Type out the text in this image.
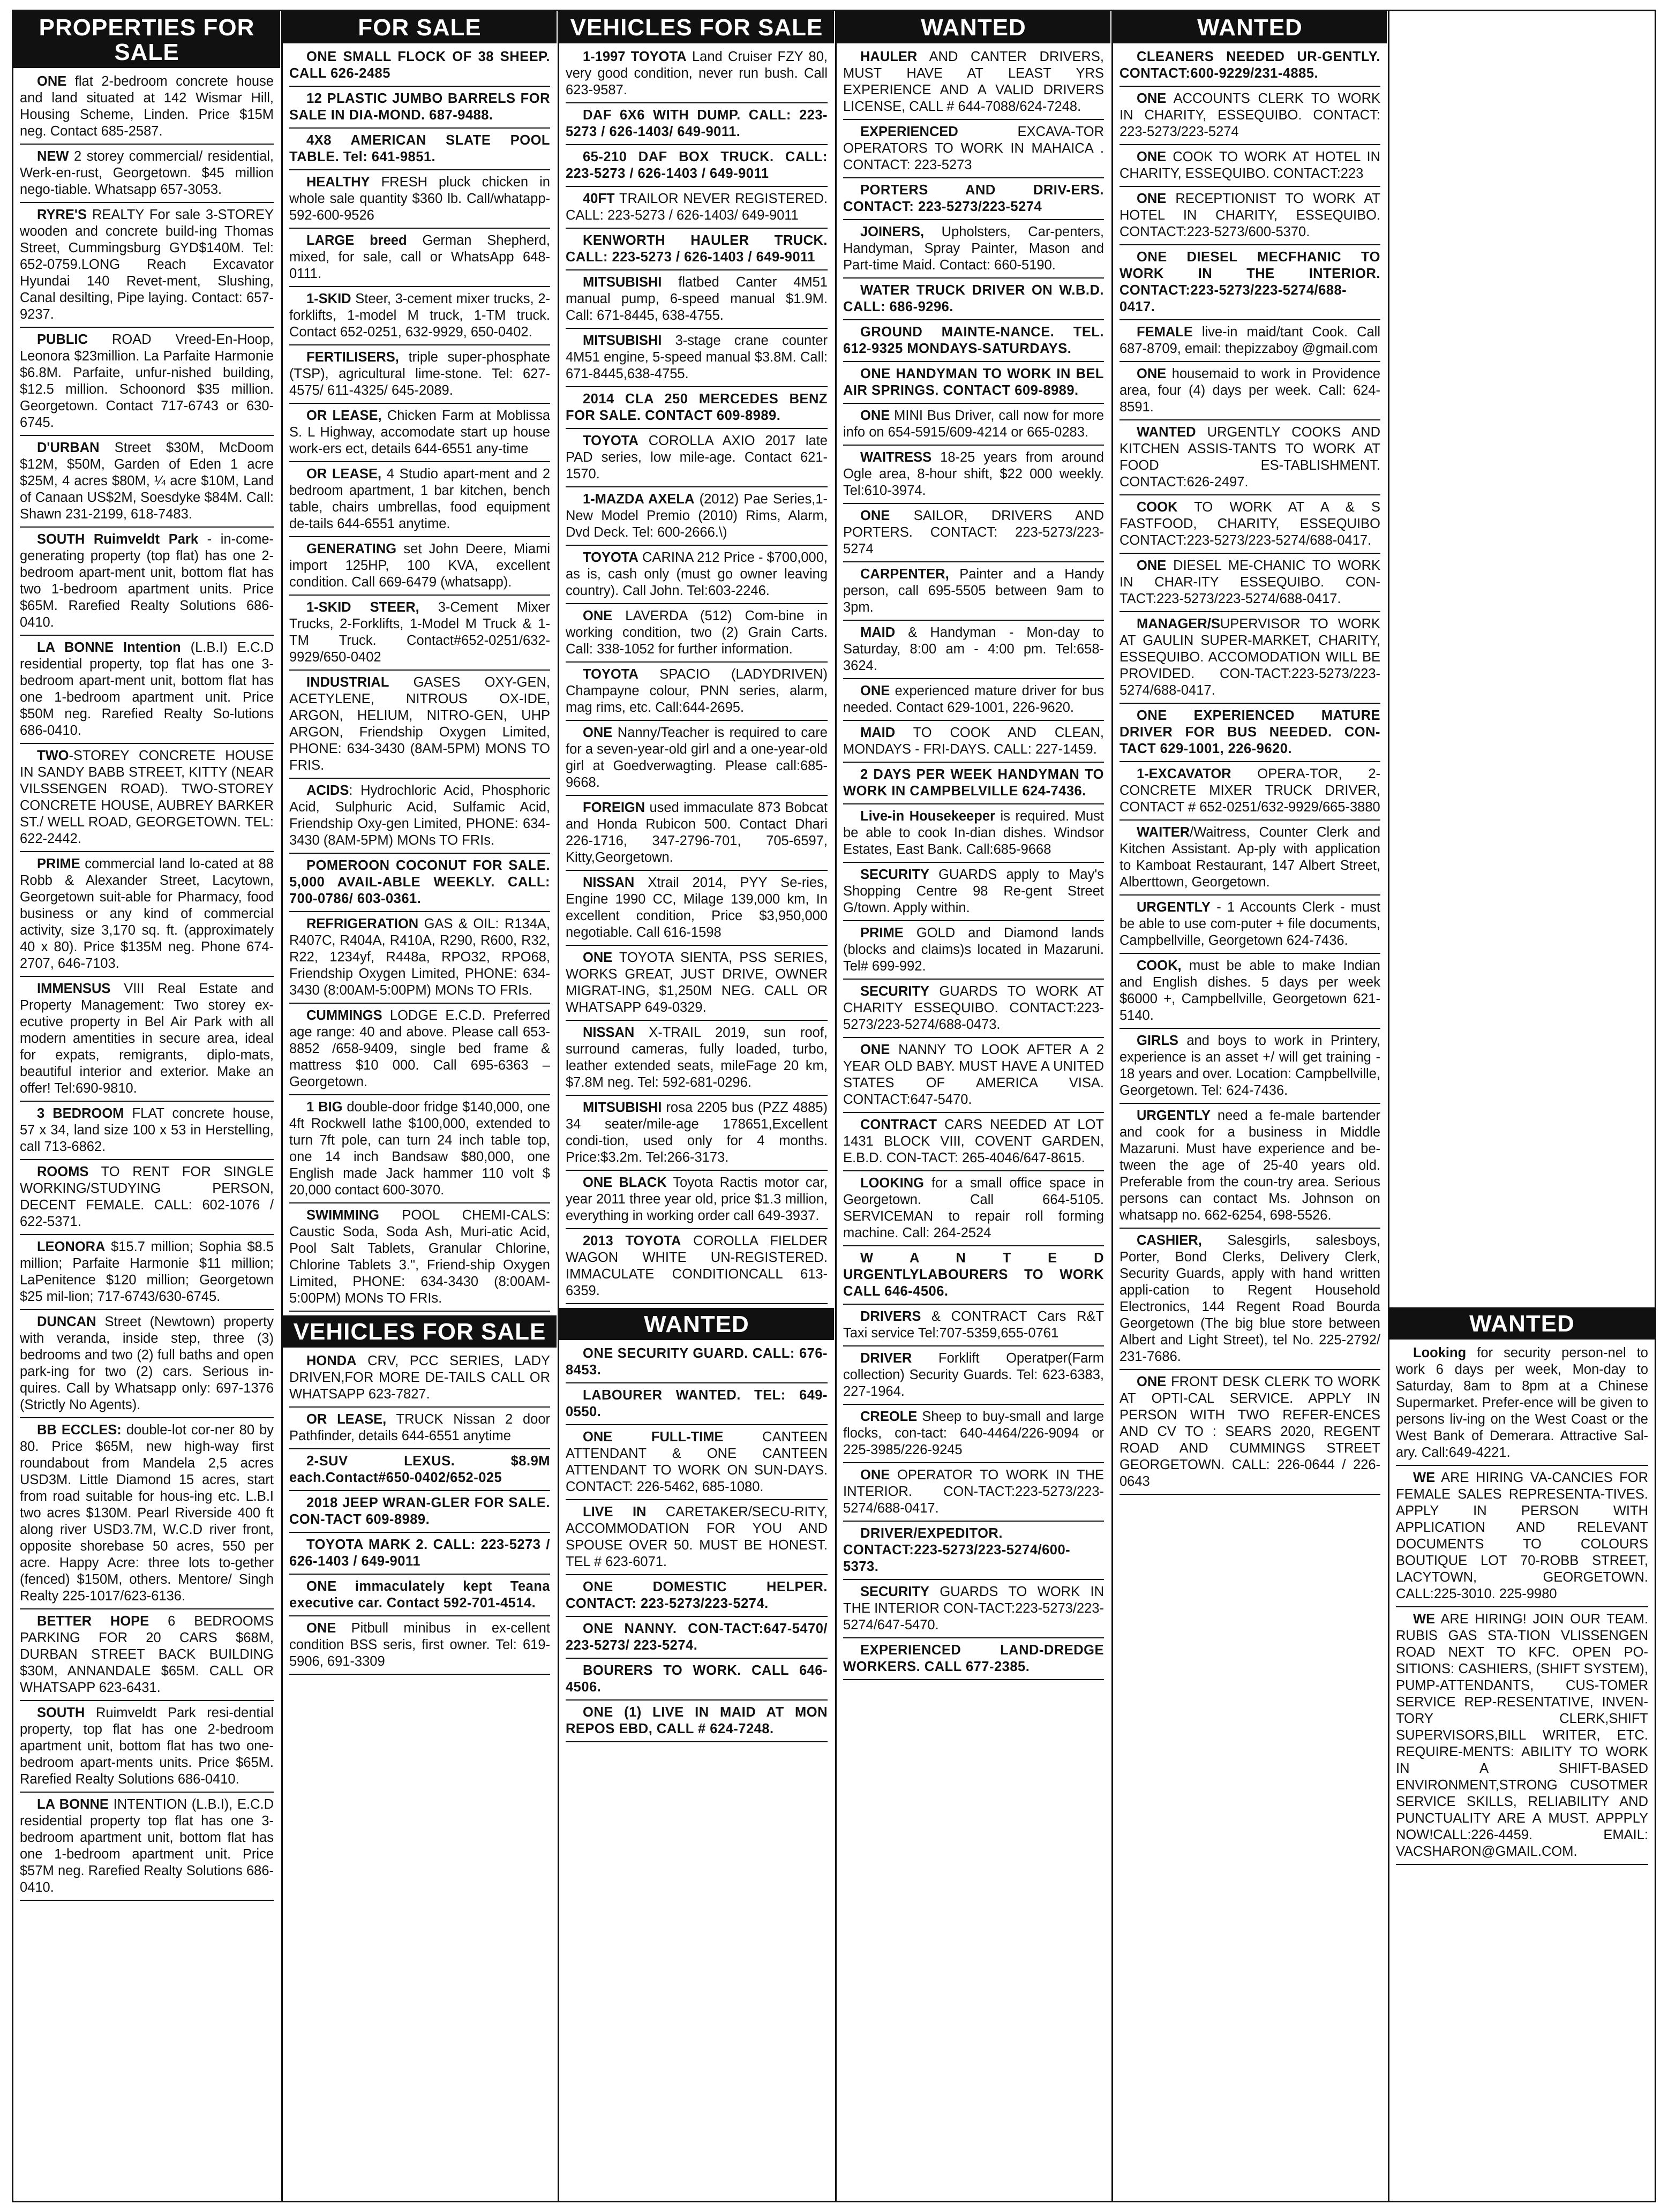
PROPERTIES FOR SALE
ONE flat 2-bedroom concrete house and land situated at 142 Wismar Hill, Housing Scheme, Linden. Price $15M neg. Contact 685-2587.
NEW 2 storey commercial/ residential, Werk-en-rust, Georgetown. $45 million nego-tiable. Whatsapp 657-3053.
RYRE'S REALTY For sale 3-STOREY wooden and concrete build-ing Thomas Street, Cummingsburg GYD$140M. Tel: 652-0759.LONG Reach Excavator Hyundai 140 Revet-ment, Slushing, Canal desilting, Pipe laying. Contact: 657-9237.
PUBLIC ROAD Vreed-En-Hoop, Leonora $23million. La Parfaite Harmonie $6.8M. Parfaite, unfur-nished building, $12.5 million. Schoonord $35 million. Georgetown. Contact 717-6743 or 630-6745.
D'URBAN Street $30M, McDoom $12M, $50M, Garden of Eden 1 acre $25M, 4 acres $80M, ¼ acre $10M, Land of Canaan US$2M, Soesdyke $84M. Call: Shawn 231-2199, 618-7483.
SOUTH Ruimveldt Park - in-come-generating property (top flat) has one 2-bedroom apart-ment unit, bottom flat has two 1-bedroom apartment units. Price $65M. Rarefied Realty Solutions 686-0410.
LA BONNE Intention (L.B.I) E.C.D residential property, top flat has one 3-bedroom apart-ment unit, bottom flat has one 1-bedroom apartment unit. Price $50M neg. Rarefied Realty So-lutions 686-0410.
TWO-STOREY CONCRETE HOUSE IN SANDY BABB STREET, KITTY (NEAR VILSSENGEN ROAD). TWO-STOREY CONCRETE HOUSE, AUBREY BARKER ST./ WELL ROAD, GEORGETOWN. TEL: 622-2442.
PRIME commercial land lo-cated at 88 Robb & Alexander Street, Lacytown, Georgetown suit-able for Pharmacy, food business or any kind of commercial activity, size 3,170 sq. ft. (approximately 40 x 80). Price $135M neg. Phone 674-2707, 646-7103.
IMMENSUS VIII Real Estate and Property Management: Two storey ex-ecutive property in Bel Air Park with all modern amentities in secure area, ideal for expats, remigrants, diplo-mats, beautiful interior and exterior. Make an offer! Tel:690-9810.
3 BEDROOM FLAT concrete house, 57 x 34, land size 100 x 53 in Herstelling, call 713-6862.
ROOMS TO RENT FOR SINGLE WORKING/STUDYING PERSON, DECENT FEMALE. CALL: 602-1076 / 622-5371.
LEONORA $15.7 million; Sophia $8.5 million; Parfaite Harmonie $11 million; LaPenitence $120 million; Georgetown $25 mil-lion; 717-6743/630-6745.
DUNCAN Street (Newtown) property with veranda, inside step, three (3) bedrooms and two (2) full baths and open park-ing for two (2) cars. Serious in-quires. Call by Whatsapp only: 697-1376 (Strictly No Agents).
BB ECCLES: double-lot cor-ner 80 by 80. Price $65M, new high-way first roundabout from Mandela 2,5 acres USD3M. Little Diamond 15 acres, start from road suitable for hous-ing etc. L.B.I two acres $130M. Pearl Riverside 400 ft along river USD3.7M, W.C.D river front, opposite shorebase 50 acres, 550 per acre. Happy Acre: three lots to-gether (fenced) $150M, others. Mentore/ Singh Realty 225-1017/623-6136.
BETTER HOPE 6 BEDROOMS PARKING FOR 20 CARS $68M, DURBAN STREET BACK BUILDING $30M, ANNANDALE $65M. CALL OR WHATSAPP 623-6431.
SOUTH Ruimveldt Park resi-dential property, top flat has one 2-bedroom apartment unit, bottom flat has two one-bedroom apart-ments units. Price $65M. Rarefied Realty Solutions 686-0410.
LA BONNE INTENTION (L.B.I), E.C.D residential property top flat has one 3-bedroom apartment unit, bottom flat has one 1-bedroom apartment unit. Price $57M neg. Rarefied Realty Solutions 686-0410.
FOR SALE
ONE SMALL FLOCK OF 38 SHEEP. CALL 626-2485
12 PLASTIC JUMBO BARRELS FOR SALE IN DIA-MOND. 687-9488.
4X8 AMERICAN SLATE POOL TABLE. Tel: 641-9851.
HEALTHY FRESH pluck chicken in whole sale quantity $360 lb. Call/whatapp- 592-600-9526
LARGE breed German Shepherd, mixed, for sale, call or WhatsApp 648-0111.
1-SKID Steer, 3-cement mixer trucks, 2-forklifts, 1-model M truck, 1-TM truck. Contact 652-0251, 632-9929, 650-0402.
FERTILISERS, triple super-phosphate (TSP), agricultural lime-stone. Tel: 627-4575/ 611-4325/ 645-2089.
OR LEASE, Chicken Farm at Moblissa S. L Highway, accomodate start up house work-ers ect, details 644-6551 any-time
OR LEASE, 4 Studio apart-ment and 2 bedroom apartment, 1 bar kitchen, bench table, chairs umbrellas, food equipment de-tails 644-6551 anytime.
GENERATING set John Deere, Miami import 125HP, 100 KVA, excellent condition. Call 669-6479 (whatsapp).
1-SKID STEER, 3-Cement Mixer Trucks, 2-Forklifts, 1-Model M Truck & 1-TM Truck. Contact#652-0251/632-9929/650-0402
INDUSTRIAL GASES OXY-GEN, ACETYLENE, NITROUS OX-IDE, ARGON, HELIUM, NITRO-GEN, UHP ARGON, Friendship Oxygen Limited, PHONE: 634-3430 (8AM-5PM) MONS TO FRIS.
ACIDS: Hydrochloric Acid, Phosphoric Acid, Sulphuric Acid, Sulfamic Acid, Friendship Oxy-gen Limited, PHONE: 634-3430 (8AM-5PM) MONs TO FRIs.
POMEROON COCONUT FOR SALE. 5,000 AVAIL-ABLE WEEKLY. CALL: 700-0786/ 603-0361.
REFRIGERATION GAS & OIL: R134A, R407C, R404A, R410A, R290, R600, R32, R22, 1234yf, R448a, RPO32, RPO68, Friendship Oxygen Limited, PHONE: 634-3430 (8:00AM-5:00PM) MONs TO FRIs.
CUMMINGS LODGE E.C.D. Preferred age range: 40 and above. Please call 653-8852 /658-9409, single bed frame & mattress $10 000. Call 695-6363 – Georgetown.
1 BIG double-door fridge $140,000, one 4ft Rockwell lathe $100,000, extended to turn 7ft pole, can turn 24 inch table top, one 14 inch Bandsaw $80,000, one English made Jack hammer 110 volt $ 20,000 contact 600-3070.
SWIMMING POOL CHEMI-CALS: Caustic Soda, Soda Ash, Muri-atic Acid, Pool Salt Tablets, Granular Chlorine, Chlorine Tablets 3.", Friend-ship Oxygen Limited, PHONE: 634-3430 (8:00AM-5:00PM) MONs TO FRIs.
VEHICLES FOR SALE
HONDA CRV, PCC SERIES, LADY DRIVEN,FOR MORE DE-TAILS CALL OR WHATSAPP 623-7827.
OR LEASE, TRUCK Nissan 2 door Pathfinder, details 644-6551 anytime
2-SUV LEXUS. $8.9M each.Contact#650-0402/652-025
2018 JEEP WRAN-GLER FOR SALE. CON-TACT 609-8989.
TOYOTA MARK 2. CALL: 223-5273 / 626-1403 / 649-9011
ONE immaculately kept Teana executive car. Contact 592-701-4514.
ONE Pitbull minibus in ex-cellent condition BSS seris, first owner. Tel: 619-5906, 691-3309
VEHICLES FOR SALE
1-1997 TOYOTA Land Cruiser FZY 80, very good condition, never run bush. Call 623-9587.
DAF 6X6 WITH DUMP. CALL: 223-5273 / 626-1403/ 649-9011.
65-210 DAF BOX TRUCK. CALL: 223-5273 / 626-1403 / 649-9011
40FT TRAILOR NEVER REGISTERED. CALL: 223-5273 / 626-1403/ 649-9011
KENWORTH HAULER TRUCK. CALL: 223-5273 / 626-1403 / 649-9011
MITSUBISHI flatbed Canter 4M51 manual pump, 6-speed manual $1.9M. Call: 671-8445, 638-4755.
MITSUBISHI 3-stage crane counter 4M51 engine, 5-speed manual $3.8M. Call: 671-8445,638-4755.
2014 CLA 250 MERCEDES BENZ FOR SALE. CONTACT 609-8989.
TOYOTA COROLLA AXIO 2017 late PAD series, low mile-age. Contact 621-1570.
1-MAZDA AXELA (2012) Pae Series,1- New Model Premio (2010) Rims, Alarm, Dvd Deck. Tel: 600-2666.\)
TOYOTA CARINA 212 Price - $700,000, as is, cash only (must go owner leaving country). Call John. Tel:603-2246.
ONE LAVERDA (512) Com-bine in working condition, two (2) Grain Carts. Call: 338-1052 for further information.
TOYOTA SPACIO (LADYDRIVEN) Champayne colour, PNN series, alarm, mag rims, etc. Call:644-2695.
ONE Nanny/Teacher is required to care for a seven-year-old girl and a one-year-old girl at Goedverwagting. Please call:685-9668.
FOREIGN used immaculate 873 Bobcat and Honda Rubicon 500. Contact Dhari 226-1716, 347-2796-701, 705-6597, Kitty,Georgetown.
NISSAN Xtrail 2014, PYY Se-ries, Engine 1990 CC, Milage 139,000 km, In excellent condition, Price $3,950,000 negotiable. Call 616-1598
ONE TOYOTA SIENTA, PSS SERIES, WORKS GREAT, JUST DRIVE, OWNER MIGRAT-ING, $1,250M NEG. CALL OR WHATSAPP 649-0329.
NISSAN X-TRAIL 2019, sun roof, surround cameras, fully loaded, turbo, leather extended seats, mileFage 20 km, $7.8M neg. Tel: 592-681-0296.
MITSUBISHI rosa 2205 bus (PZZ 4885) 34 seater/mile-age 178651,Excellent condi-tion, used only for 4 months. Price:$3.2m. Tel:266-3173.
ONE BLACK Toyota Ractis motor car, year 2011 three year old, price $1.3 million, everything in working order call 649-3937.
2013 TOYOTA COROLLA FIELDER WAGON WHITE UN-REGISTERED. IMMACULATE CONDITIONCALL 613-6359.
WANTED
ONE SECURITY GUARD. CALL: 676-8453.
LABOURER WANTED. TEL: 649-0550.
ONE FULL-TIME CANTEEN ATTENDANT & ONE CANTEEN ATTENDANT TO WORK ON SUN-DAYS. CONTACT: 226-5462, 685-1080.
LIVE IN CARETAKER/SECU-RITY, ACCOMMODATION FOR YOU AND SPOUSE OVER 50. MUST BE HONEST. TEL # 623-6071.
ONE DOMESTIC HELPER. CONTACT: 223-5273/223-5274.
ONE NANNY. CON-TACT:647-5470/ 223-5273/ 223-5274.
BOURERS TO WORK. CALL 646-4506.
ONE (1) LIVE IN MAID AT MON REPOS EBD, CALL # 624-7248.
WANTED
HAULER AND CANTER DRIVERS, MUST HAVE AT LEAST YRS EXPERIENCE AND A VALID DRIVERS LICENSE, CALL # 644-7088/624-7248.
EXPERIENCED EXCAVA-TOR OPERATORS TO WORK IN MAHAICA . CONTACT: 223-5273
PORTERS AND DRIV-ERS. CONTACT: 223-5273/223-5274
JOINERS, Upholsters, Car-penters, Handyman, Spray Painter, Mason and Part-time Maid. Contact: 660-5190.
WATER TRUCK DRIVER ON W.B.D. CALL: 686-9296.
GROUND MAINTE-NANCE. TEL. 612-9325 MONDAYS-SATURDAYS.
ONE HANDYMAN TO WORK IN BEL AIR SPRINGS. CONTACT 609-8989.
ONE MINI Bus Driver, call now for more info on 654-5915/609-4214 or 665-0283.
WAITRESS 18-25 years from around Ogle area, 8-hour shift, $22 000 weekly. Tel:610-3974.
ONE SAILOR, DRIVERS AND PORTERS. CONTACT: 223-5273/223-5274
CARPENTER, Painter and a Handy person, call 695-5505 between 9am to 3pm.
MAID & Handyman - Mon-day to Saturday, 8:00 am - 4:00 pm. Tel:658-3624.
ONE experienced mature driver for bus needed. Contact 629-1001, 226-9620.
MAID TO COOK AND CLEAN, MONDAYS - FRI-DAYS. CALL: 227-1459.
2 DAYS PER WEEK HANDYMAN TO WORK IN CAMPBELVILLE 624-7436.
Live-in Housekeeper is required. Must be able to cook In-dian dishes. Windsor Estates, East Bank. Call:685-9668
SECURITY GUARDS apply to May's Shopping Centre 98 Re-gent Street G/town. Apply within.
PRIME GOLD and Diamond lands (blocks and claims)s located in Mazaruni. Tel# 699-992.
SECURITY GUARDS TO WORK AT CHARITY ESSEQUIBO. CONTACT:223-5273/223-5274/688-0473.
ONE NANNY TO LOOK AFTER A 2 YEAR OLD BABY. MUST HAVE A UNITED STATES OF AMERICA VISA. CONTACT:647-5470.
CONTRACT CARS NEEDED AT LOT 1431 BLOCK VIII, COVENT GARDEN, E.B.D. CON-TACT: 265-4046/647-8615.
LOOKING for a small office space in Georgetown. Call 664-5105. SERVICEMAN to repair roll forming machine. Call: 264-2524
W A N T E D URGENTLYLABOURERS TO WORK CALL 646-4506.
DRIVERS & CONTRACT Cars R&T Taxi service Tel:707-5359,655-0761
DRIVER Forklift Operatper(Farm collection) Security Guards. Tel: 623-6383, 227-1964.
CREOLE Sheep to buy-small and large flocks, con-tact: 640-4464/226-9094 or 225-3985/226-9245
ONE OPERATOR TO WORK IN THE INTERIOR. CON-TACT:223-5273/223-5274/688-0417.
DRIVER/EXPEDITOR. CONTACT:223-5273/223-5274/600-5373.
SECURITY GUARDS TO WORK IN THE INTERIOR CON-TACT:223-5273/223-5274/647-5470.
EXPERIENCED LAND-DREDGE WORKERS. CALL 677-2385.
WANTED
CLEANERS NEEDED UR-GENTLY. CONTACT:600-9229/231-4885.
ONE ACCOUNTS CLERK TO WORK IN CHARITY, ESSEQUIBO. CONTACT: 223-5273/223-5274
ONE COOK TO WORK AT HOTEL IN CHARITY, ESSEQUIBO. CONTACT:223
ONE RECEPTIONIST TO WORK AT HOTEL IN CHARITY, ESSEQUIBO. CONTACT:223-5273/600-5370.
ONE DIESEL MECFHANIC TO WORK IN THE INTERIOR. CONTACT:223-5273/223-5274/688-0417.
FEMALE live-in maid/tant Cook. Call 687-8709, email: thepizzaboy @gmail.com
ONE housemaid to work in Providence area, four (4) days per week. Call: 624-8591.
WANTED URGENTLY COOKS AND KITCHEN ASSIS-TANTS TO WORK AT FOOD ES-TABLISHMENT. CONTACT:626-2497.
COOK TO WORK AT A & S FASTFOOD, CHARITY, ESSEQUIBO CONTACT:223-5273/223-5274/688-0417.
ONE DIESEL ME-CHANIC TO WORK IN CHAR-ITY ESSEQUIBO. CON-TACT:223-5273/223-5274/688-0417.
MANAGER/SUPERVISOR TO WORK AT GAULIN SUPER-MARKET, CHARITY, ESSEQUIBO. ACCOMODATION WILL BE PROVIDED. CON-TACT:223-5273/223-5274/688-0417.
ONE EXPERIENCED MATURE DRIVER FOR BUS NEEDED. CON-TACT 629-1001, 226-9620.
1-EXCAVATOR OPERA-TOR, 2- CONCRETE MIXER TRUCK DRIVER, CONTACT # 652-0251/632-9929/665-3880
WAITER/Waitress, Counter Clerk and Kitchen Assistant. Ap-ply with application to Kamboat Restaurant, 147 Albert Street, Alberttown, Georgetown.
URGENTLY - 1 Accounts Clerk - must be able to use com-puter + file documents, Campbellville, Georgetown 624-7436.
COOK, must be able to make Indian and English dishes. 5 days per week $6000 +, Campbellville, Georgetown 621-5140.
GIRLS and boys to work in Printery, experience is an asset +/ will get training - 18 years and over. Location: Campbellville, Georgetown. Tel: 624-7436.
URGENTLY need a fe-male bartender and cook for a business in Middle Mazaruni. Must have experience and be-tween the age of 25-40 years old. Preferable from the coun-try area. Serious persons can contact Ms. Johnson on whatsapp no. 662-6254, 698-5526.
CASHIER, Salesgirls, salesboys, Porter, Bond Clerks, Delivery Clerk, Security Guards, apply with hand written appli-cation to Regent Household Electronics, 144 Regent Road Bourda Georgetown (The big blue store between Albert and Light Street), tel No. 225-2792/ 231-7686.
ONE FRONT DESK CLERK TO WORK AT OPTI-CAL SERVICE. APPLY IN PERSON WITH TWO REFER-ENCES AND CV TO : SEARS 2020, REGENT ROAD AND CUMMINGS STREET GEORGETOWN. CALL: 226-0644 / 226-0643
WANTED
Looking for security person-nel to work 6 days per week, Mon-day to Saturday, 8am to 8pm at a Chinese Supermarket. Prefer-ence will be given to persons liv-ing on the West Coast or the West Bank of Demerara. Attractive Sal-ary. Call:649-4221.
WE ARE HIRING VA-CANCIES FOR FEMALE SALES REPRESENTA-TIVES. APPLY IN PERSON WITH APPLICATION AND RELEVANT DOCUMENTS TO COLOURS BOUTIQUE LOT 70-ROBB STREET, LACYTOWN, GEORGETOWN. CALL:225-3010. 225-9980
WE ARE HIRING! JOIN OUR TEAM. RUBIS GAS STA-TION VLISSENGEN ROAD NEXT TO KFC. OPEN PO-SITIONS: CASHIERS, (SHIFT SYSTEM), PUMP-ATTENDANTS, CUS-TOMER SERVICE REP-RESENTATIVE, INVEN-TORY CLERK,SHIFT SUPERVISORS,BILL WRITER, ETC. REQUIRE-MENTS: ABILITY TO WORK IN A SHIFT-BASED ENVIRONMENT,STRONG CUSOTMER SERVICE SKILLS, RELIABILITY AND PUNCTUALITY ARE A MUST. APPPLY NOW!CALL:226-4459. EMAIL: VACSHARON@GMAIL.COM.
